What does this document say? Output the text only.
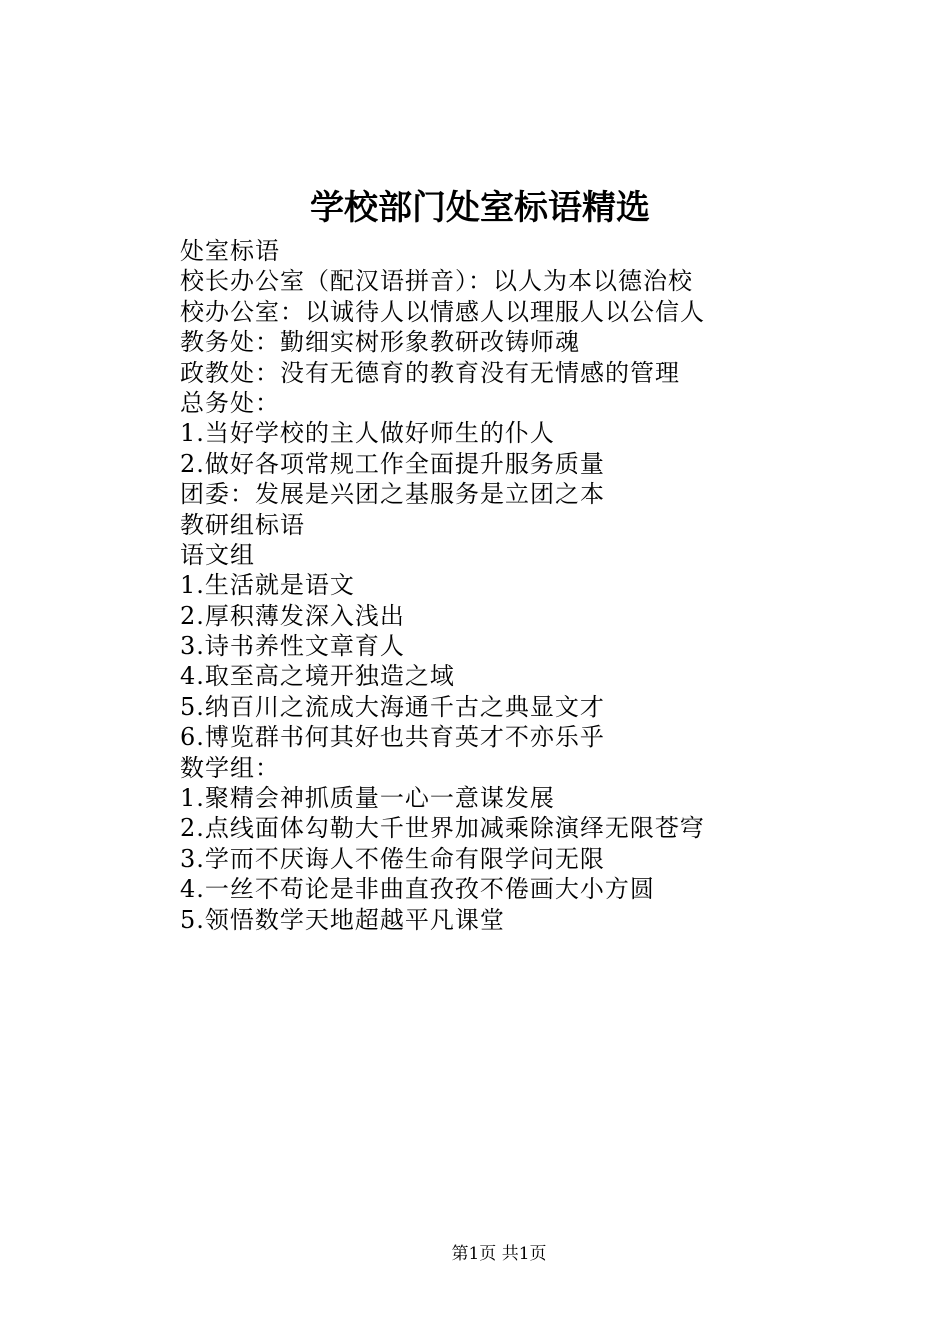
学校部门处室标语精选
处室标语
校长办公室（配汉语拼音）：以人为本以德治校
校办公室：以诚待人以情感人以理服人以公信人
教务处：勤细实树形象教研改铸师魂
政教处：没有无德育的教育没有无情感的管理
总务处：
1.当好学校的主人做好师生的仆人
2.做好各项常规工作全面提升服务质量
团委：发展是兴团之基服务是立团之本
教研组标语
语文组
1.生活就是语文
2.厚积薄发深入浅出
3.诗书养性文章育人
4.取至高之境开独造之域
5.纳百川之流成大海通千古之典显文才
6.博览群书何其好也共育英才不亦乐乎
数学组：
1.聚精会神抓质量一心一意谋发展
2.点线面体勾勒大千世界加减乘除演绎无限苍穹
3.学而不厌诲人不倦生命有限学问无限
4.一丝不苟论是非曲直孜孜不倦画大小方圆
5.领悟数学天地超越平凡课堂
第1页 共1页
